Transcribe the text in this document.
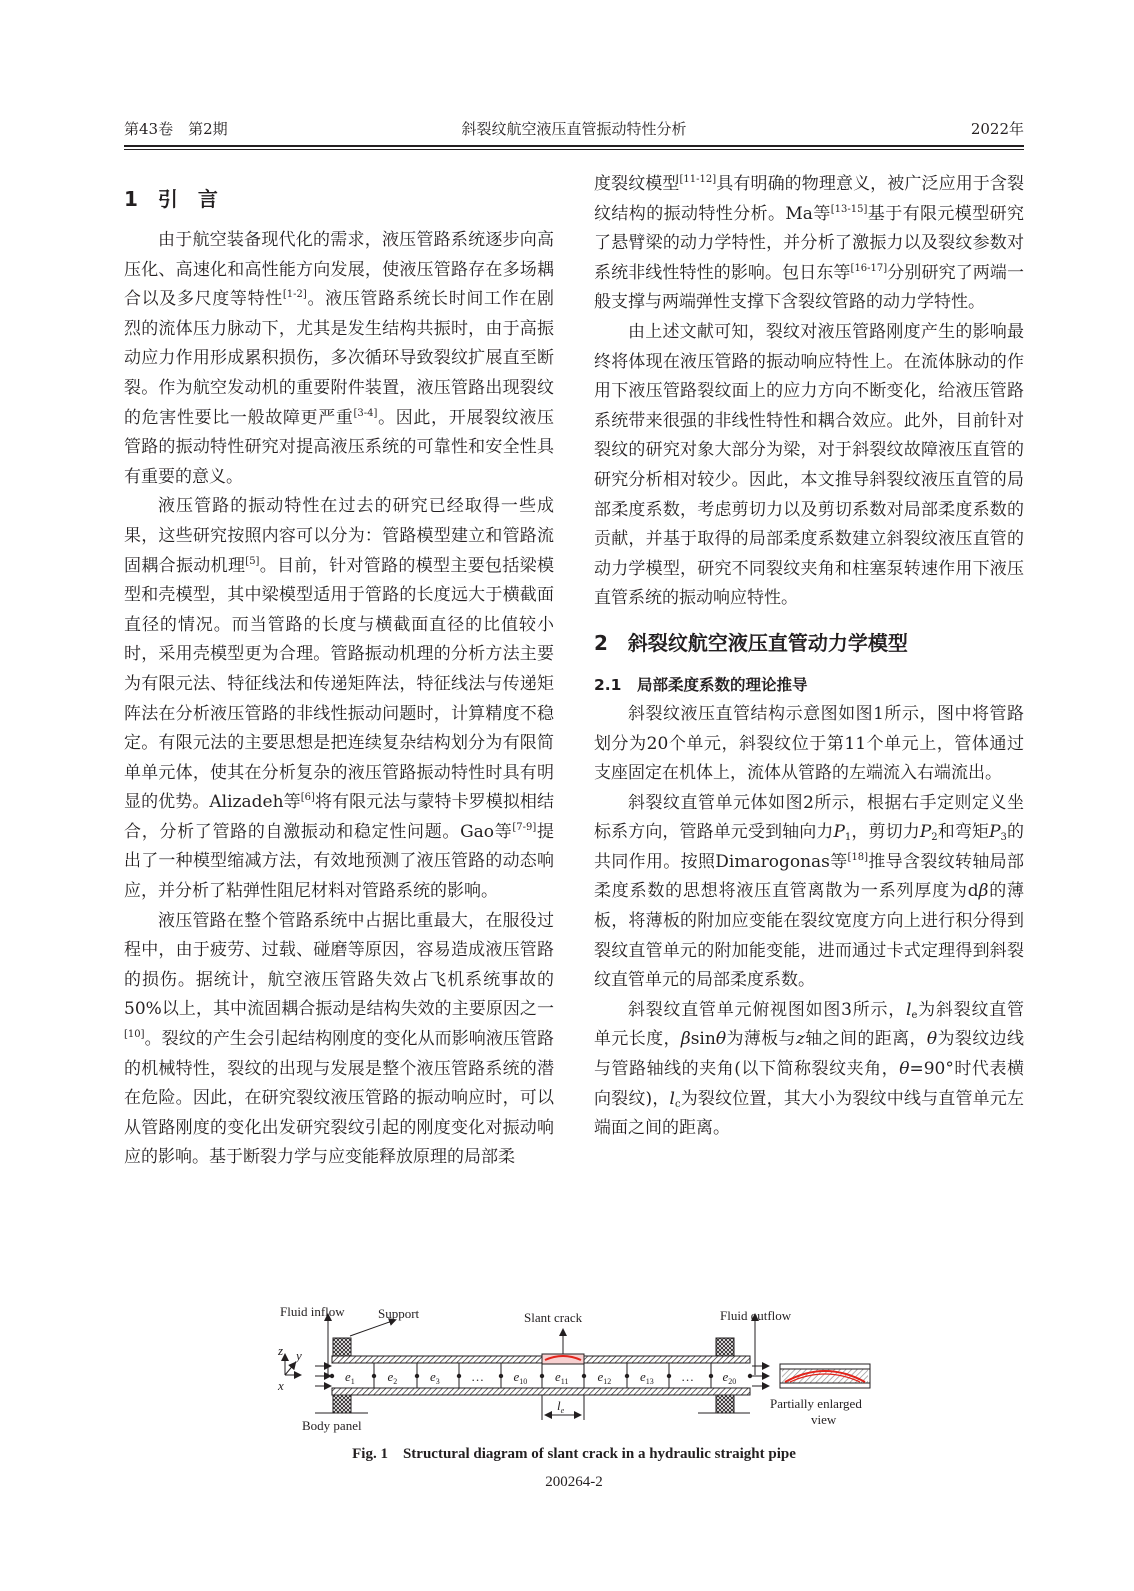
第43卷　第2期	斜裂纹航空液压直管振动特性分析	2022年
1　引　言

由于航空装备现代化的需求，液压管路系统逐步向高压化、高速化和高性能方向发展，使液压管路存在多场耦合以及多尺度等特性[1-2]。液压管路系统长时间工作在剧烈的流体压力脉动下，尤其是发生结构共振时，由于高振动应力作用形成累积损伤，多次循环导致裂纹扩展直至断裂。作为航空发动机的重要附件装置，液压管路出现裂纹的危害性要比一般故障更严重[3-4]。因此，开展裂纹液压管路的振动特性研究对提高液压系统的可靠性和安全性具有重要的意义。

液压管路的振动特性在过去的研究已经取得一些成果，这些研究按照内容可以分为：管路模型建立和管路流固耦合振动机理[5]。目前，针对管路的模型主要包括梁模型和壳模型，其中梁模型适用于管路的长度远大于横截面直径的情况。而当管路的长度与横截面直径的比值较小时，采用壳模型更为合理。管路振动机理的分析方法主要为有限元法、特征线法和传递矩阵法，特征线法与传递矩阵法在分析液压管路的非线性振动问题时，计算精度不稳定。有限元法的主要思想是把连续复杂结构划分为有限简单单元体，使其在分析复杂的液压管路振动特性时具有明显的优势。Alizadeh等[6]将有限元法与蒙特卡罗模拟相结合，分析了管路的自激振动和稳定性问题。Gao等[7-9]提出了一种模型缩减方法，有效地预测了液压管路的动态响应，并分析了粘弹性阻尼材料对管路系统的影响。

液压管路在整个管路系统中占据比重最大，在服役过程中，由于疲劳、过载、碰磨等原因，容易造成液压管路的损伤。据统计，航空液压管路失效占飞机系统事故的50%以上，其中流固耦合振动是结构失效的主要原因之一[10]。裂纹的产生会引起结构刚度的变化从而影响液压管路的机械特性，裂纹的出现与发展是整个液压管路系统的潜在危险。因此，在研究裂纹液压管路的振动响应时，可以从管路刚度的变化出发研究裂纹引起的刚度变化对振动响应的影响。基于断裂力学与应变能释放原理的局部柔

度裂纹模型[11-12]具有明确的物理意义，被广泛应用于含裂纹结构的振动特性分析。Ma等[13-15]基于有限元模型研究了悬臂梁的动力学特性，并分析了激振力以及裂纹参数对系统非线性特性的影响。包日东等[16-17]分别研究了两端一般支撑与两端弹性支撑下含裂纹管路的动力学特性。

由上述文献可知，裂纹对液压管路刚度产生的影响最终将体现在液压管路的振动响应特性上。在流体脉动的作用下液压管路裂纹面上的应力方向不断变化，给液压管路系统带来很强的非线性特性和耦合效应。此外，目前针对裂纹的研究对象大部分为梁，对于斜裂纹故障液压直管的研究分析相对较少。因此，本文推导斜裂纹液压直管的局部柔度系数，考虑剪切力以及剪切系数对局部柔度系数的贡献，并基于取得的局部柔度系数建立斜裂纹液压直管的动力学模型，研究不同裂纹夹角和柱塞泵转速作用下液压直管系统的振动响应特性。

2　斜裂纹航空液压直管动力学模型
2.1　局部柔度系数的理论推导

斜裂纹液压直管结构示意图如图1所示，图中将管路划分为20个单元，斜裂纹位于第11个单元上，管体通过支座固定在机体上，流体从管路的左端流入右端流出。

斜裂纹直管单元体如图2所示，根据右手定则定义坐标系方向，管路单元受到轴向力$P_1$，剪切力$P_2$和弯矩$P_3$的共同作用。按照Dimarogonas等[18]推导含裂纹转轴局部柔度系数的思想将液压直管离散为一系列厚度为dβ的薄板，将薄板的附加应变能在裂纹宽度方向上进行积分得到裂纹直管单元的附加能变能，进而通过卡式定理得到斜裂纹直管单元的局部柔度系数。

斜裂纹直管单元俯视图如图3所示，$l_e$为斜裂纹直管单元长度，βsinθ为薄板与z轴之间的距离，θ为裂纹边线与管路轴线的夹角(以下简称裂纹夹角，θ=90°时代表横向裂纹)，$l_c$为裂纹位置，其大小为裂纹中线与直管单元左端面之间的距离。

$e_1$	$e_2$	$e_3$ … $e_{10}$ $e_{11}$ $e_{12}$ $e_{13}$ … $e_{20}$
z y
x
Fluid inflow	Support	Slant crack	Fluid outflow
Body panel
Partially enlarged
view
$l_e$
Fig. 1　Structural diagram of slant crack in a hydraulic straight pipe
200264-2
